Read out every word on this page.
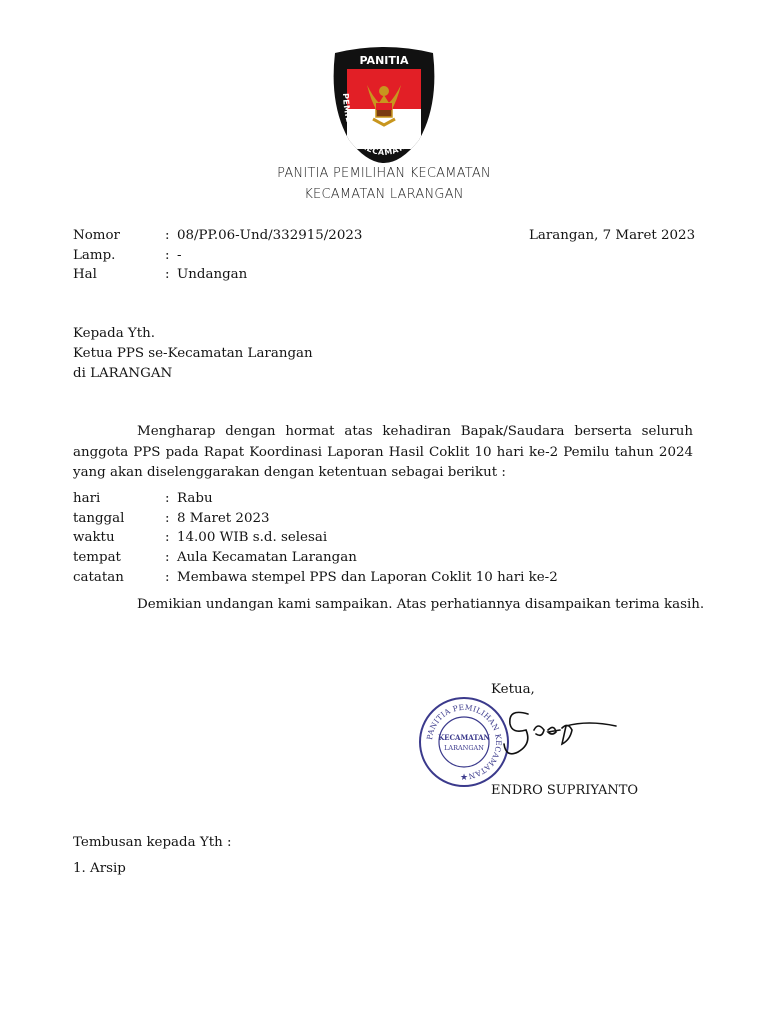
PANITIA
PEMILIHAN KECAMATAN
PANITIA PEMILIHAN KECAMATAN
KECAMATAN LARANGAN
Nomor	: 08/PP.06-Und/332915/2023	Larangan, 7 Maret 2023
Lamp.	: -
Hal	: Undangan
Kepada Yth.
Ketua PPS se-Kecamatan Larangan
di LARANGAN
Mengharap dengan hormat atas kehadiran Bapak/Saudara berserta seluruh anggota PPS pada Rapat Koordinasi Laporan Hasil Coklit 10 hari ke-2 Pemilu tahun 2024 yang akan diselenggarakan dengan ketentuan sebagai berikut :
hari	: Rabu
tanggal	: 8 Maret 2023
waktu	: 14.00 WIB s.d. selesai
tempat	: Aula Kecamatan Larangan
catatan	: Membawa stempel PPS dan Laporan Coklit 10 hari ke-2
Demikian undangan kami sampaikan. Atas perhatiannya disampaikan terima kasih.
Ketua,
PANITIA PEMILIHAN KECAMATAN
KECAMATAN
LARANGAN
★
ENDRO SUPRIYANTO
Tembusan kepada Yth :
1. Arsip
